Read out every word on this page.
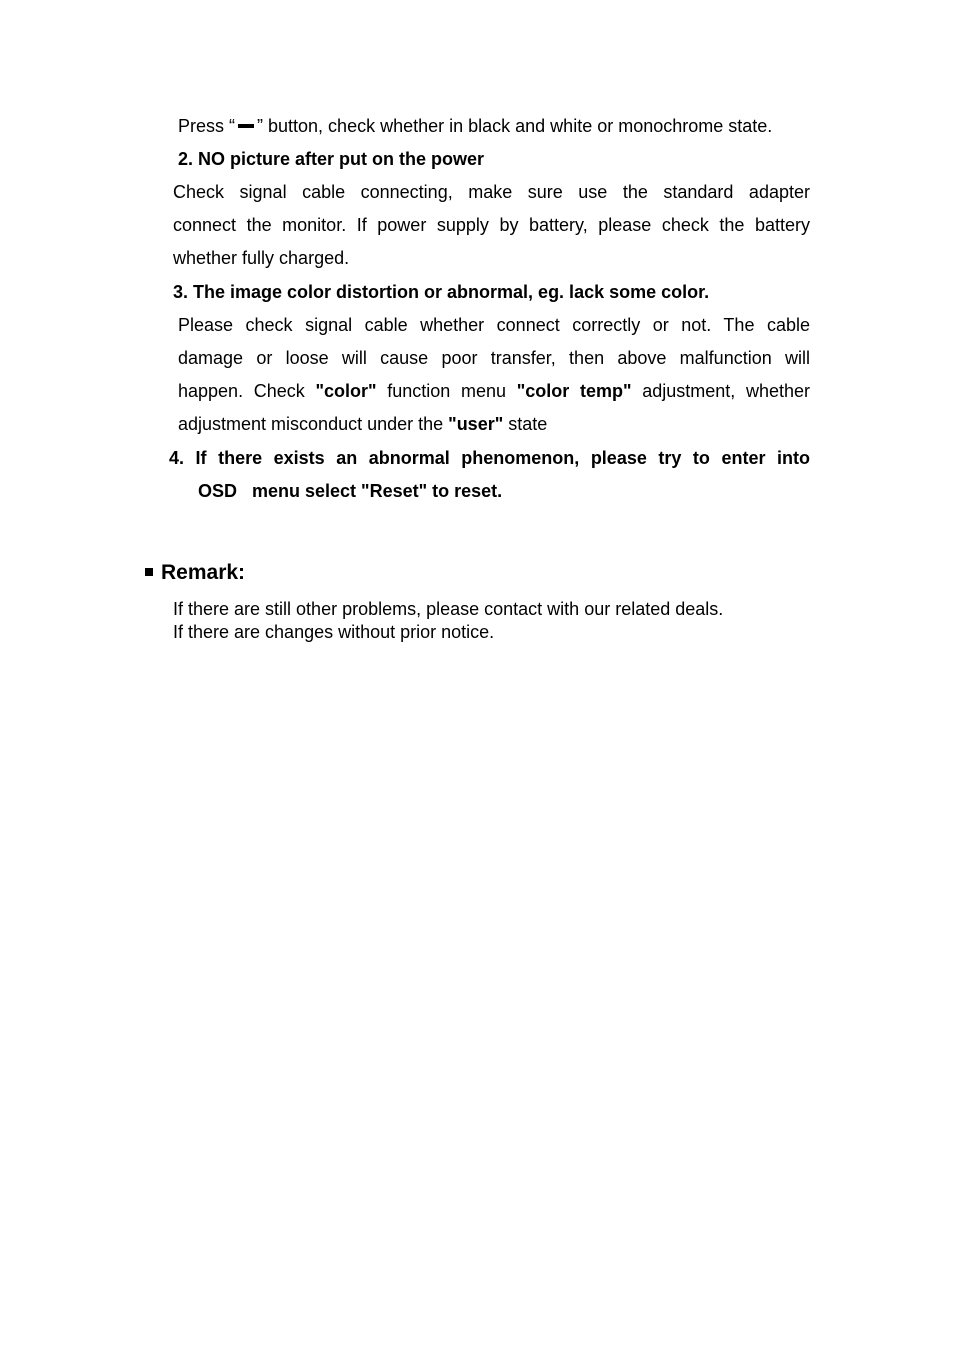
Press “ ” button, check whether in black and white or monochrome state.
2. NO picture after put on the power
Check signal cable connecting, make sure use the standard adapter
connect the monitor. If power supply by battery, please check the battery
whether fully charged.
3. The image color distortion or abnormal, eg. lack some color.
Please check signal cable whether connect correctly or not. The cable
damage or loose will cause poor transfer, then above malfunction will
happen. Check "color" function menu "color temp" adjustment, whether
adjustment misconduct under the "user" state
4. If there exists an abnormal phenomenon, please try to enter into
OSD   menu select "Reset" to reset.
Remark:
If there are still other problems, please contact with our related deals.
If there are changes without prior notice.
